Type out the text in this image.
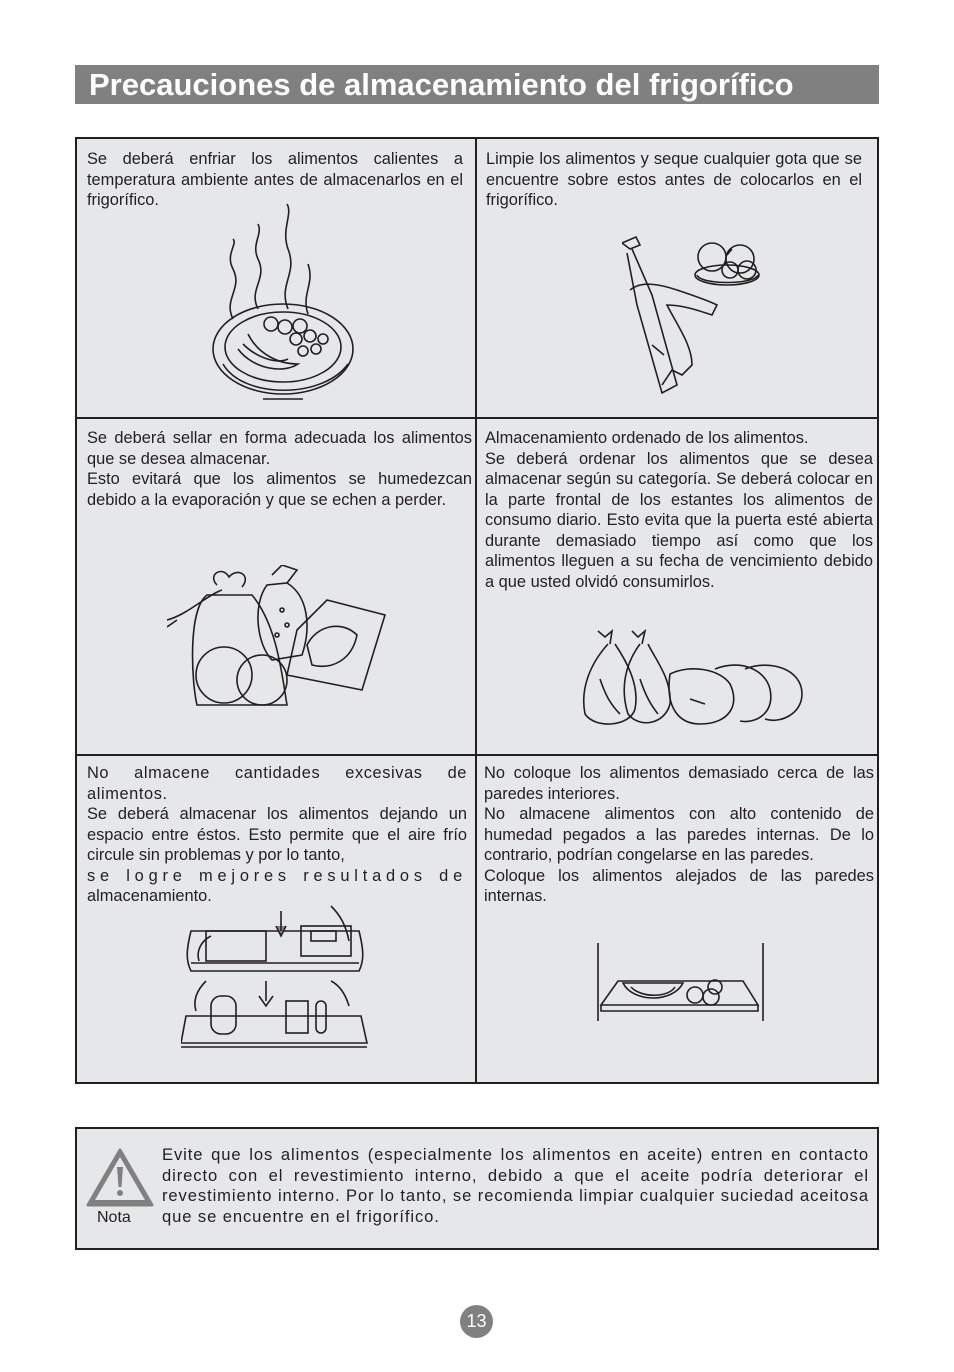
Precauciones de almacenamiento del frigorífico

Se deberá enfriar los alimentos calientes a temperatura ambiente antes de almacenarlos en el frigorífico.

Limpie los alimentos y seque cualquier gota que se encuentre sobre estos antes de colocarlos en el frigorífico.

Se deberá sellar en forma adecuada los alimentos que se desea almacenar.

Esto evitará que los alimentos se humedezcan debido a la evaporación y que se echen a perder.

Almacenamiento ordenado de los alimentos.

Se deberá ordenar los alimentos que se desea almacenar según su categoría. Se deberá colocar en la parte frontal de los estantes los alimentos de consumo diario. Esto evita que la puerta esté abierta durante demasiado tiempo así como que los alimentos lleguen a su fecha de vencimiento debido a que usted olvidó consumirlos.

No almacene cantidades excesivas de alimentos.

Se deberá almacenar los alimentos dejando un espacio entre éstos. Esto permite que el aire frío circule sin problemas y por lo tanto,

se logre mejores resultados de

almacenamiento.

No coloque los alimentos demasiado cerca de las paredes interiores.

No almacene alimentos con alto contenido de humedad pegados a las paredes internas. De lo contrario, podrían congelarse en las paredes.

Coloque los alimentos alejados de las paredes internas.

Nota

Evite que los alimentos (especialmente los alimentos en aceite) entren en contacto directo con el revestimiento interno, debido a que el aceite podría deteriorar el revestimiento interno. Por lo tanto, se recomienda limpiar cualquier suciedad aceitosa que se encuentre en el frigorífico.

13
